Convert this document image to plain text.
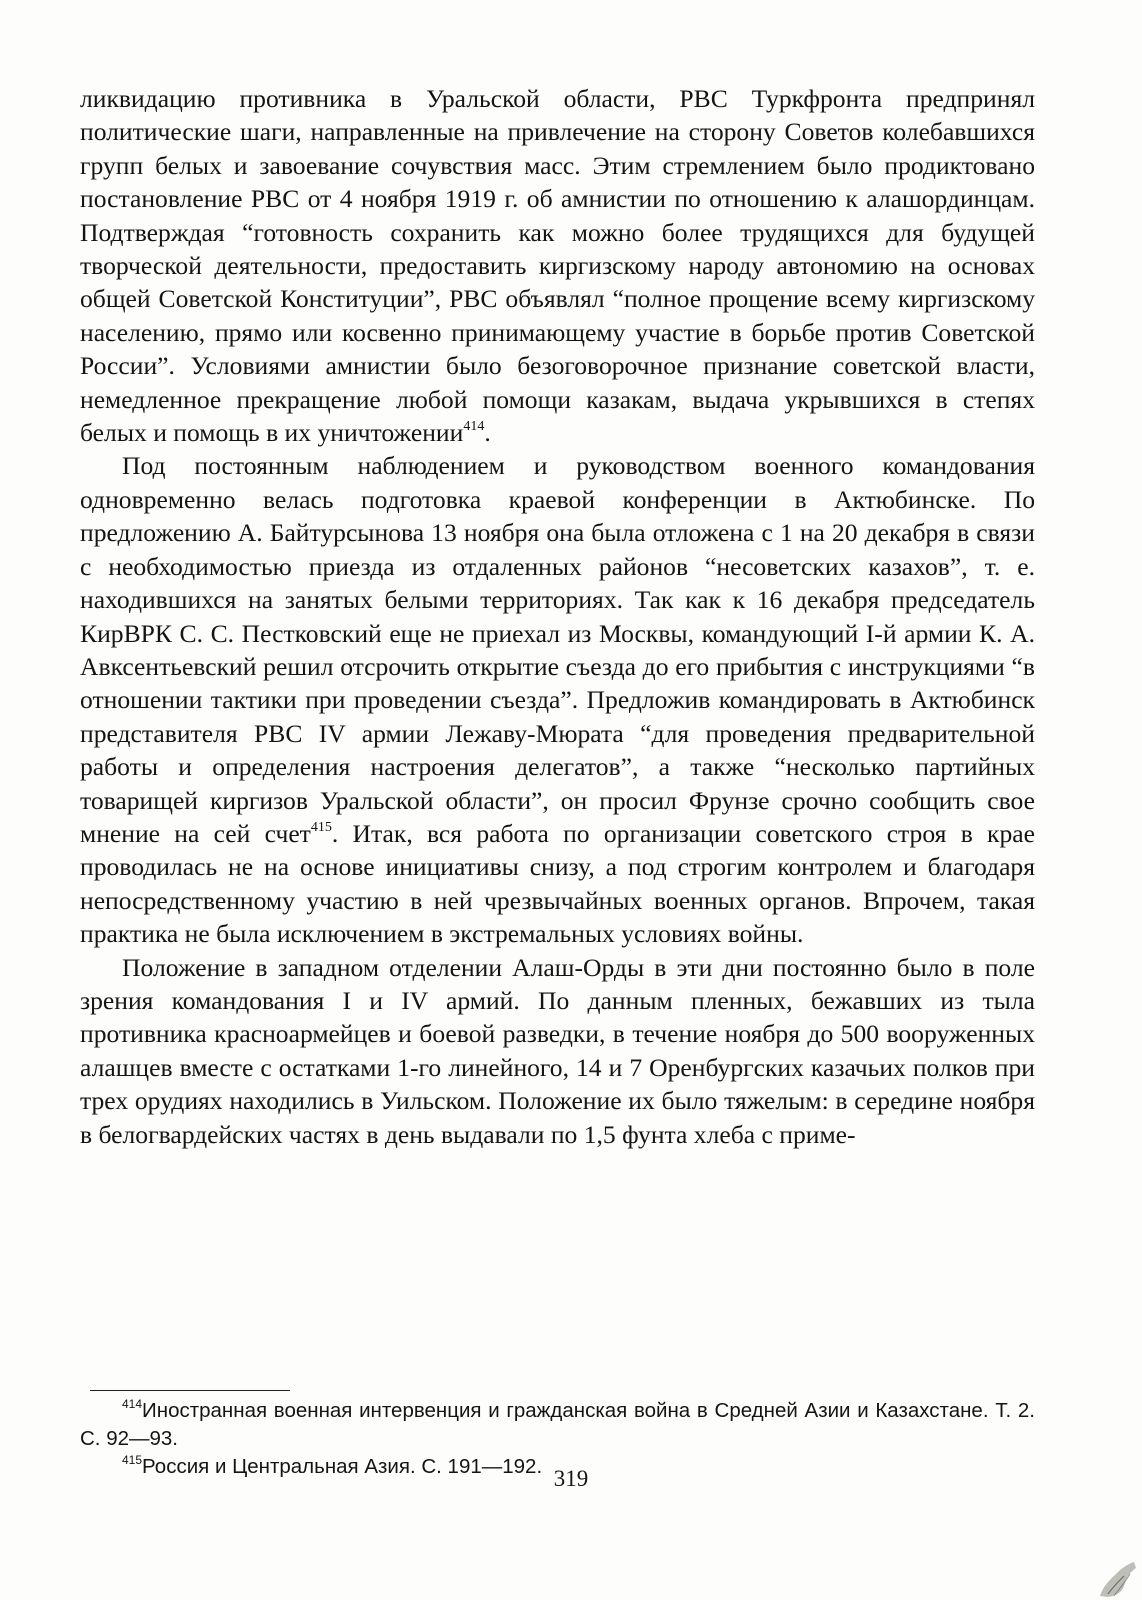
ликвидацию противника в Уральской области, РВС Туркфронта предпринял политические шаги, направленные на привлечение на сторону Советов колебавшихся групп белых и завоевание сочувствия масс. Этим стремлением было продиктовано постановление РВС от 4 ноября 1919 г. об амнистии по отношению к алашординцам. Подтверждая “готовность сохранить как можно более трудящихся для будущей творческой деятельности, предоставить киргизскому народу автономию на основах общей Советской Конституции”, РВС объявлял “полное прощение всему киргизскому населению, прямо или косвенно принимающему участие в борьбе против Советской России”. Условиями амнистии было безоговорочное признание советской власти, немедленное прекращение любой помощи казакам, выдача укрывшихся в степях белых и помощь в их уничтожении$^{414}$.

Под постоянным наблюдением и руководством военного командования одновременно велась подготовка краевой конференции в Актюбинске. По предложению А. Байтурсынова 13 ноября она была отложена с 1 на 20 декабря в связи с необходимостью приезда из отдаленных районов “несоветских казахов”, т. е. находившихся на занятых белыми территориях. Так как к 16 декабря председатель КирВРК С. С. Пестковский еще не приехал из Москвы, командующий I-й армии К. А. Авксентьевский решил отсрочить открытие съезда до его прибытия с инструкциями “в отношении тактики при проведении съезда”. Предложив командировать в Актюбинск представителя РВС IV армии Лежаву-Мюрата “для проведения предварительной работы и определения настроения делегатов”, а также “несколько партийных товарищей киргизов Уральской области”, он просил Фрунзе срочно сообщить свое мнение на сей счет$^{415}$. Итак, вся работа по организации советского строя в крае проводилась не на основе инициативы снизу, а под строгим контролем и благодаря непосредственному участию в ней чрезвычайных военных органов. Впрочем, такая практика не была исключением в экстремальных условиях войны.

Положение в западном отделении Алаш-Орды в эти дни постоянно было в поле зрения командования I и IV армий. По данным пленных, бежавших из тыла противника красноармейцев и боевой разведки, в течение ноября до 500 вооруженных алашцев вместе с остатками 1-го линейного, 14 и 7 Оренбургских казачьих полков при трех орудиях находились в Уильском. Положение их было тяжелым: в середине ноября в белогвардейских частях в день выдавали по 1,5 фунта хлеба с приме-

$^{414}$Иностранная военная интервенция и гражданская война в Средней Азии и Казахстане. Т. 2. С. 92—93.

$^{415}$Россия и Центральная Азия. С. 191—192. 319
